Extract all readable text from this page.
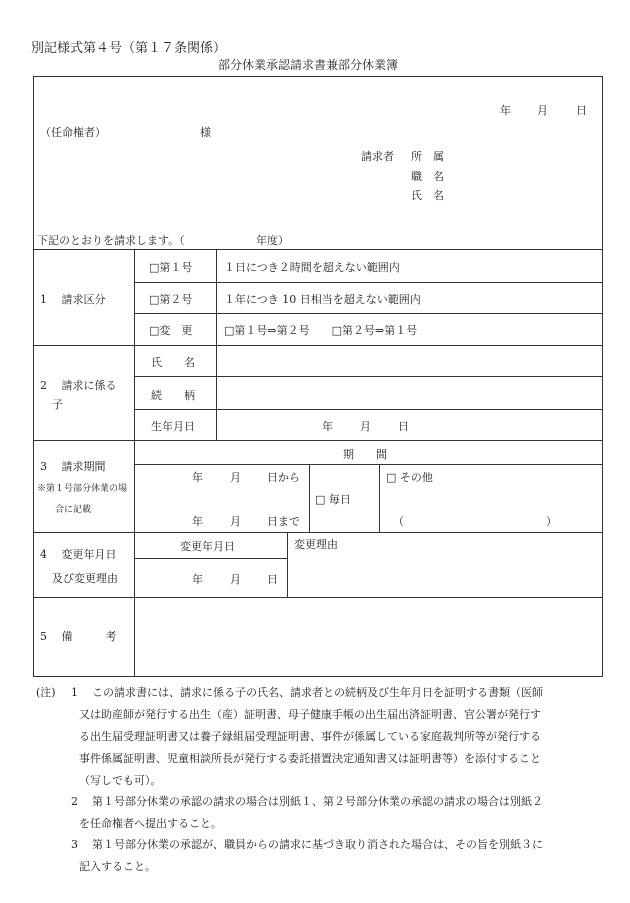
別記様式第４号（第１７条関係）
部分休業承認請求書兼部分休業簿
年 月	日
（任命権者）	様
請求者 所　属
職　名
氏　名
下記のとおりを請求します。（	年度）
1　 請求区分
□第１号	１日につき２時間を超えない範囲内
□第２号	１年につき 10 日相当を超えない範囲内
□変　更	□第１号⇒第２号　　□第２号⇒第１号
2　 請求に係る
子
氏　　名
続　　柄
生年月日	年 月 日
3　 請求期間
※第１号部分休業の場
合に記載
期　　間
年 月 日から
年 月 日まで
□ 毎日
□ その他
（	）
4　 変更年月日
及び変更理由
変更年月日	変更理由
年 月 日
5　 備　　　考
(注) 1 この請求書には、請求に係る子の氏名、請求者との続柄及び生年月日を証明する書類（医師
又は助産師が発行する出生（産）証明書、母子健康手帳の出生届出済証明書、官公署が発行す
る出生届受理証明書又は養子縁組届受理証明書、事件が係属している家庭裁判所等が発行する
事件係属証明書、児童相談所長が発行する委託措置決定通知書又は証明書等）を添付すること
（写しでも可）。
2 第１号部分休業の承認の請求の場合は別紙１、第２号部分休業の承認の請求の場合は別紙２
を任命権者へ提出すること。
3 第１号部分休業の承認が、職員からの請求に基づき取り消された場合は、その旨を別紙３に
記入すること。
